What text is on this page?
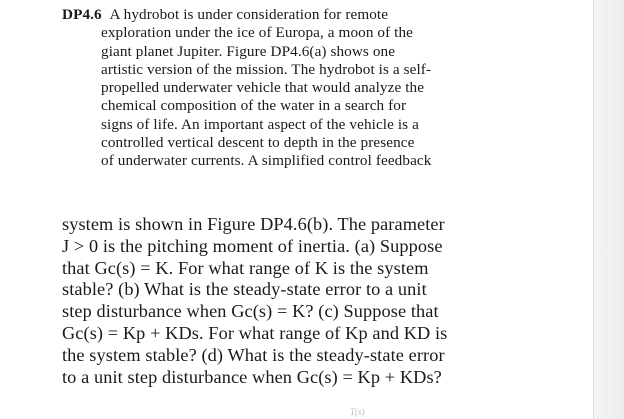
DP4.6 A hydrobot is under consideration for remote
exploration under the ice of Europa, a moon of the
giant planet Jupiter. Figure DP4.6(a) shows one
artistic version of the mission. The hydrobot is a self-
propelled underwater vehicle that would analyze the
chemical composition of the water in a search for
signs of life. An important aspect of the vehicle is a
controlled vertical descent to depth in the presence
of underwater currents. A simplified control feedback
system is shown in Figure DP4.6(b). The parameter
J > 0 is the pitching moment of inertia. (a) Suppose
that Gc(s) = K. For what range of K is the system
stable? (b) What is the steady-state error to a unit
step disturbance when Gc(s) = K? (c) Suppose that
Gc(s) = Kp + KDs. For what range of Kp and KD is
the system stable? (d) What is the steady-state error
to a unit step disturbance when Gc(s) = Kp + KDs?
T(s)
